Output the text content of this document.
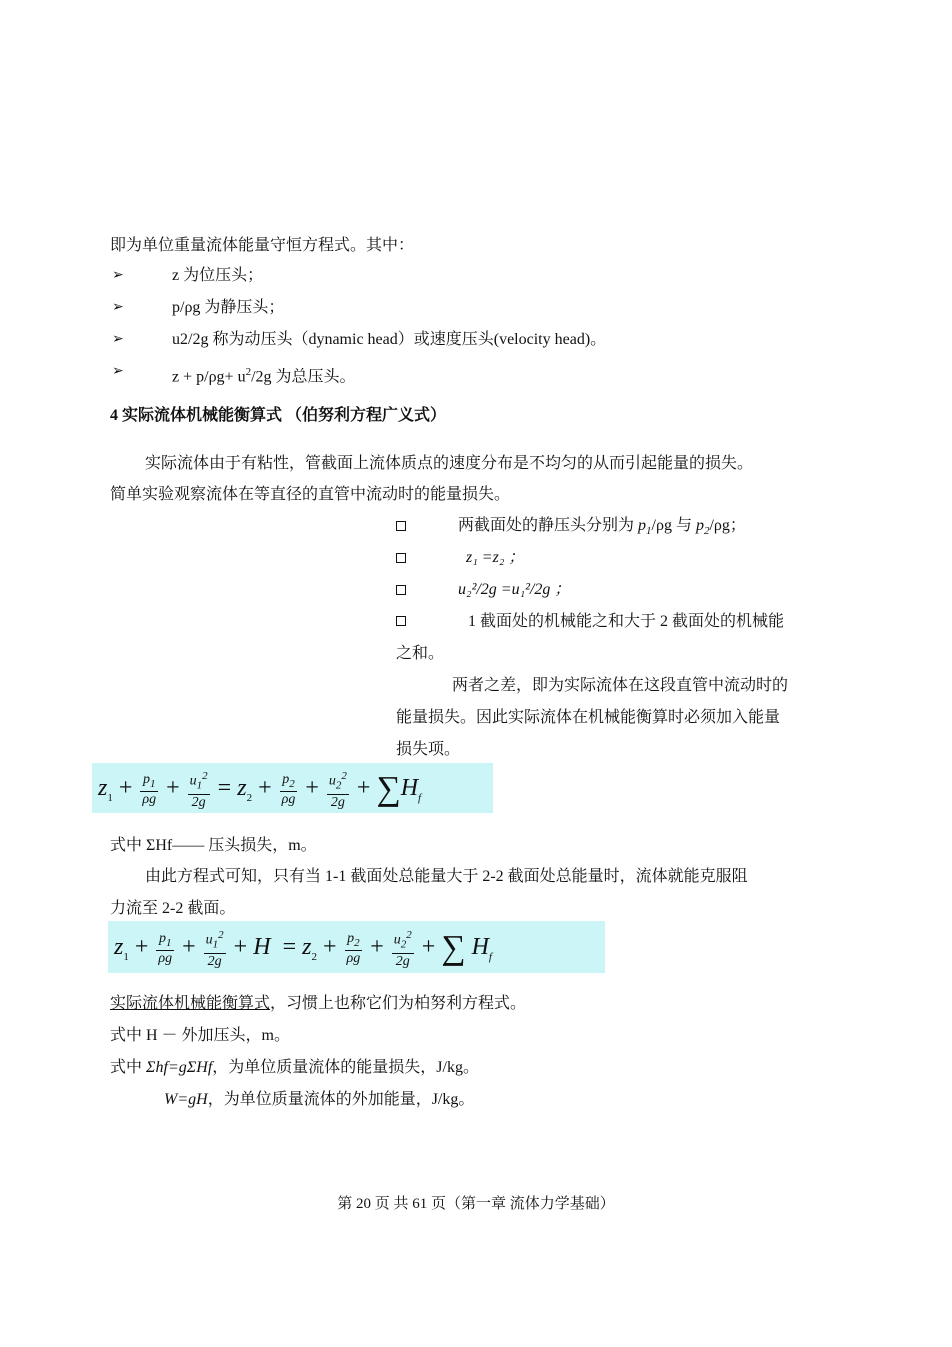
即为单位重量流体能量守恒方程式。其中：
➢	z 为位压头；
➢	p/ρg 为静压头；
➢	u2/2g 称为动压头（dynamic head）或速度压头(velocity head)。
➢	$z + p/\rho g+ u^2/2g$ 为总压头。
4 实际流体机械能衡算式 （伯努利方程广义式）
实际流体由于有粘性，管截面上流体质点的速度分布是不均匀的从而引起能量的损失。
简单实验观察流体在等直径的直管中流动时的能量损失。
两截面处的静压头分别为 $p_1/\rho g$ 与 $p_2/\rho g$；
z₁ =z₂ ；
u₂²/2g =u₁²/2g ；
1 截面处的机械能之和大于 2 截面处的机械能
之和。
两者之差，即为实际流体在这段直管中流动时的
能量损失。因此实际流体在机械能衡算时必须加入能量
损失项。
$z_1 + \frac{p_1}{\rho g} + \frac{u_1^2}{2g} = z_2 + \frac{p_2}{\rho g} + \frac{u_2^2}{2g} + \sum H_f$
式中 ΣHf—— 压头损失，m。
由此方程式可知，只有当 1-1 截面处总能量大于 2-2 截面处总能量时，流体就能克服阻
力流至 2-2 截面。
$z_1 + \frac{p_1}{\rho g} + \frac{u_1^2}{2g} + H = z_2 + \frac{p_2}{\rho g} + \frac{u_2^2}{2g}$ + ∑ $H_f$
实际流体机械能衡算式，习惯上也称它们为柏努利方程式。
式中 H － 外加压头，m。
式中 Σhf=gΣHf，为单位质量流体的能量损失，J/kg。
W=gH，为单位质量流体的外加能量，J/kg。
第 20 页 共 61 页（第一章 流体力学基础）
